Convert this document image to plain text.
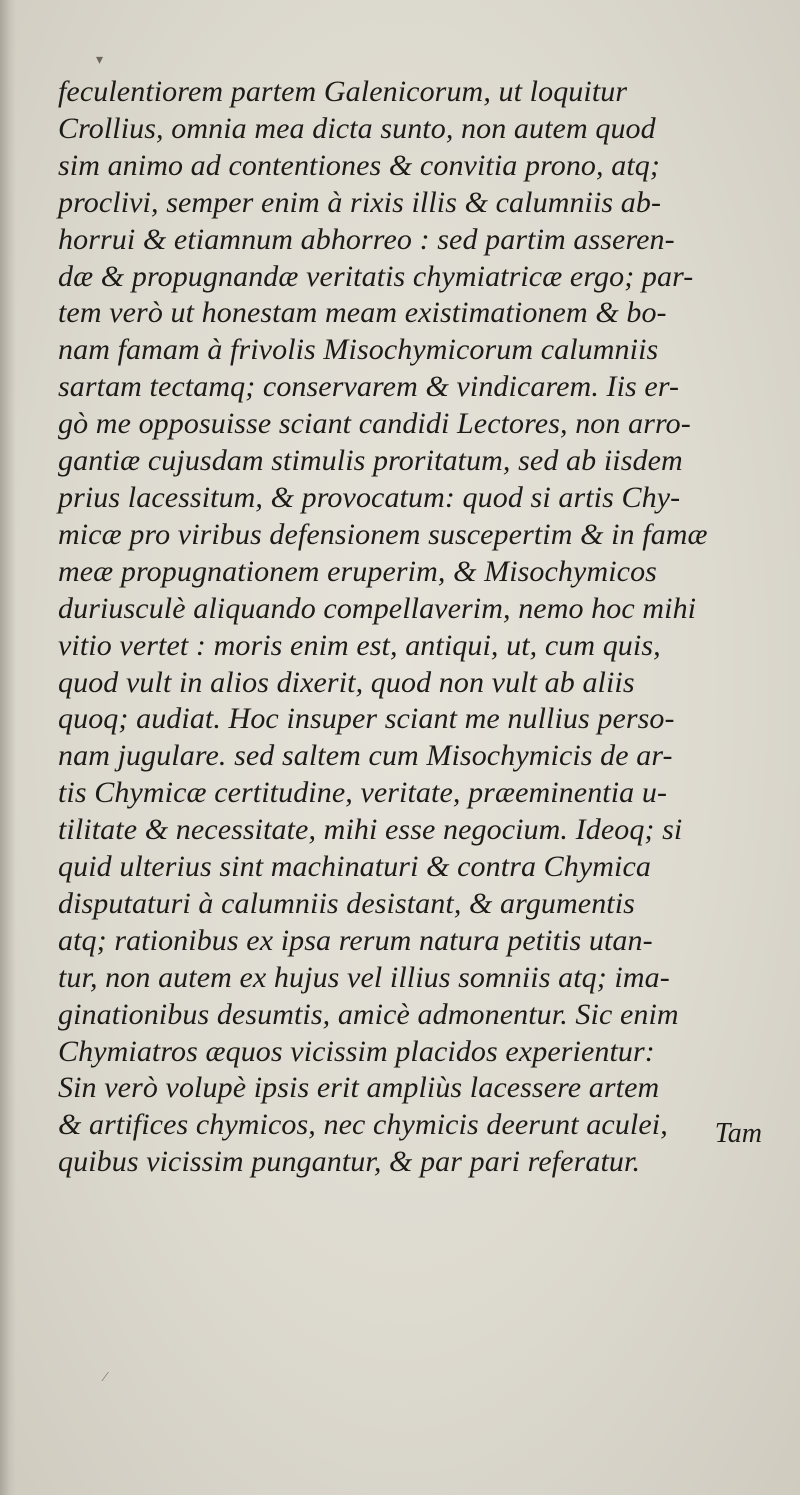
▾
⁄
feculentiorem partem Galenicorum, ut loquitur
Crollius, omnia mea dicta sunto, non autem quod
sim animo ad contentiones & convitia prono, atq;
proclivi, semper enim à rixis illis & calumniis ab-
horrui & etiamnum abhorreo : sed partim asseren-
dæ & propugnandæ veritatis chymiatricæ ergo; par-
tem verò ut honestam meam existimationem & bo-
nam famam à frivolis Misochymicorum calumniis
sartam tectamq; conservarem & vindicarem. Iis er-
gò me opposuisse sciant candidi Lectores, non arro-
gantiæ cujusdam stimulis proritatum, sed ab iisdem
prius lacessitum, & provocatum: quod si artis Chy-
micæ pro viribus defensionem suscepertim & in famæ
meæ propugnationem eruperim, & Misochymicos
duriusculè aliquando compellaverim, nemo hoc mihi
vitio vertet : moris enim est, antiqui, ut, cum quis,
quod vult in alios dixerit, quod non vult ab aliis
quoq; audiat. Hoc insuper sciant me nullius perso-
nam jugulare. sed saltem cum Misochymicis de ar-
tis Chymicæ certitudine, veritate, præeminentia u-
tilitate & necessitate, mihi esse negocium. Ideoq; si
quid ulterius sint machinaturi & contra Chymica
disputaturi à calumniis desistant, & argumentis
atq; rationibus ex ipsa rerum natura petitis utan-
tur, non autem ex hujus vel illius somniis atq; ima-
ginationibus desumtis, amicè admonentur. Sic enim
Chymiatros æquos vicissim placidos experientur:
Sin verò volupè ipsis erit ampliùs lacessere artem
& artifices chymicos, nec chymicis deerunt aculei,
quibus vicissim pungantur, & par pari referatur.
Tam
